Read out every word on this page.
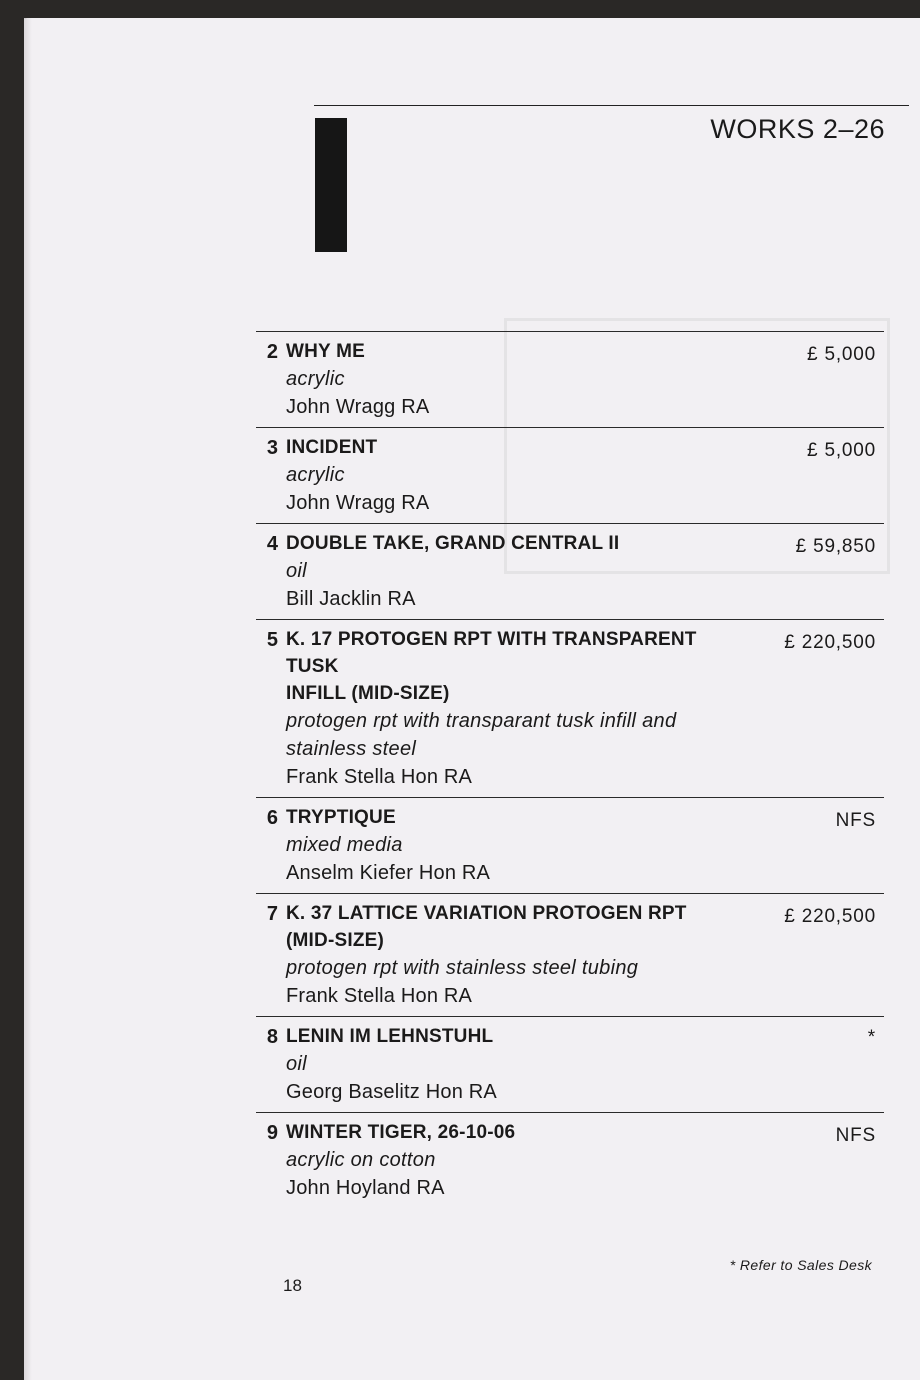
WORKS 2–26
2 WHY ME
acrylic
John Wragg RA
£ 5,000
3 INCIDENT
acrylic
John Wragg RA
£ 5,000
4 DOUBLE TAKE, GRAND CENTRAL II
oil
Bill Jacklin RA
£ 59,850
5 K. 17 PROTOGEN RPT WITH TRANSPARENT TUSK
INFILL (MID-SIZE)
protogen rpt with transparant tusk infill and
stainless steel
Frank Stella Hon RA
£ 220,500
6 TRYPTIQUE
mixed media
Anselm Kiefer Hon RA
NFS
7 K. 37 LATTICE VARIATION PROTOGEN RPT
(MID-SIZE)
protogen rpt with stainless steel tubing
Frank Stella Hon RA
£ 220,500
8 LENIN IM LEHNSTUHL
oil
Georg Baselitz Hon RA
*
9 WINTER TIGER, 26-10-06
acrylic on cotton
John Hoyland RA
NFS
* Refer to Sales Desk
18
